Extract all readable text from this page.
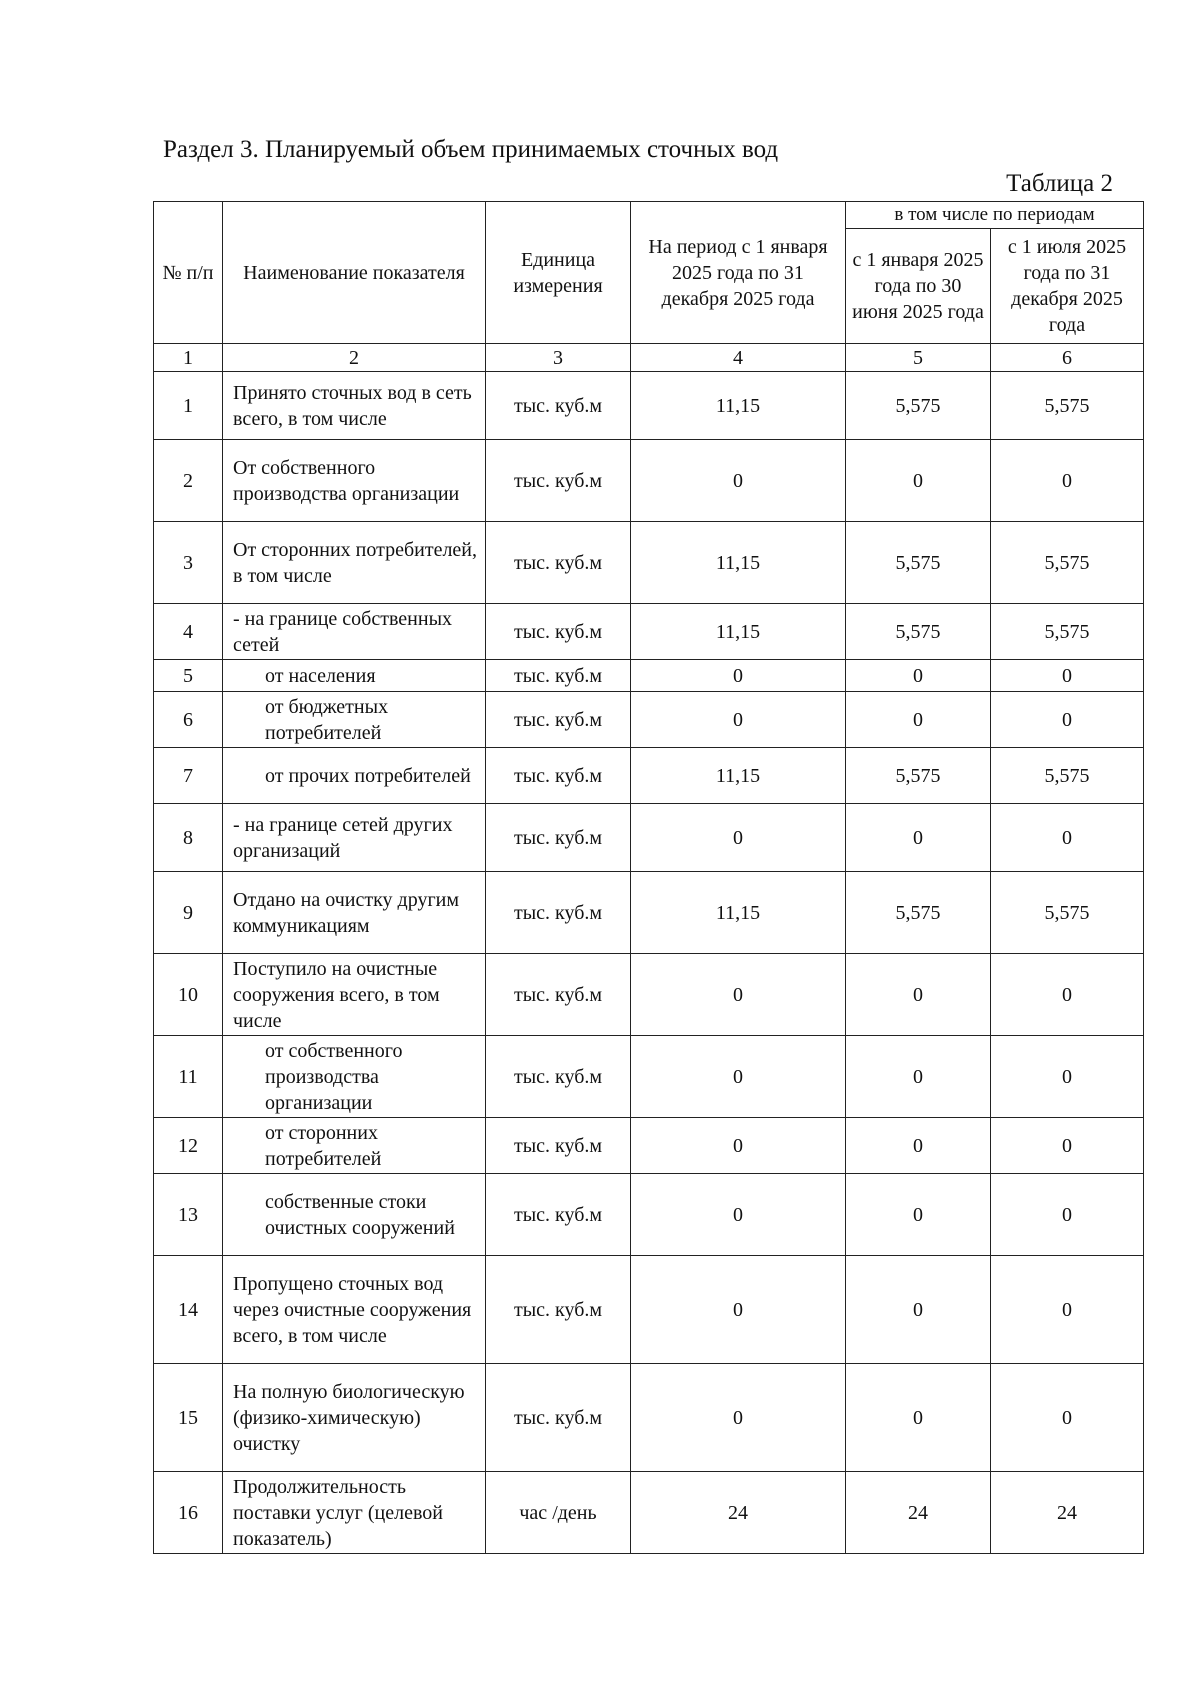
Раздел 3. Планируемый объем принимаемых сточных вод
Таблица 2
№ п/п	Наименование показателя	Единица измерения	На период с 1 января 2025 года по 31 декабря 2025 года	в том числе по периодам	
				с 1 января 2025 года по 30 июня 2025 года	с 1 июля 2025 года по 31 декабря 2025 года
1	2	3	4	5	6
1	Принято сточных вод в сеть всего, в том числе	тыс. куб.м	11,15	5,575	5,575
2	От собственного производства организации	тыс. куб.м	0	0	0
3	От сторонних потребителей, в том числе	тыс. куб.м	11,15	5,575	5,575
4	- на границе собственных сетей	тыс. куб.м	11,15	5,575	5,575
5	от населения	тыс. куб.м	0	0	0
6	от бюджетных потребителей	тыс. куб.м	0	0	0
7	от прочих потребителей	тыс. куб.м	11,15	5,575	5,575
8	- на границе сетей других организаций	тыс. куб.м	0	0	0
9	Отдано на очистку другим коммуникациям	тыс. куб.м	11,15	5,575	5,575
10	Поступило на очистные сооружения всего, в том числе	тыс. куб.м	0	0	0
11	от собственного производства организации	тыс. куб.м	0	0	0
12	от сторонних потребителей	тыс. куб.м	0	0	0
13	собственные стоки очистных сооружений	тыс. куб.м	0	0	0
14	Пропущено сточных вод через очистные сооружения всего, в том числе	тыс. куб.м	0	0	0
15	На полную биологическую (физико-химическую) очистку	тыс. куб.м	0	0	0
16	Продолжительность поставки услуг (целевой показатель)	час /день	24	24	24
